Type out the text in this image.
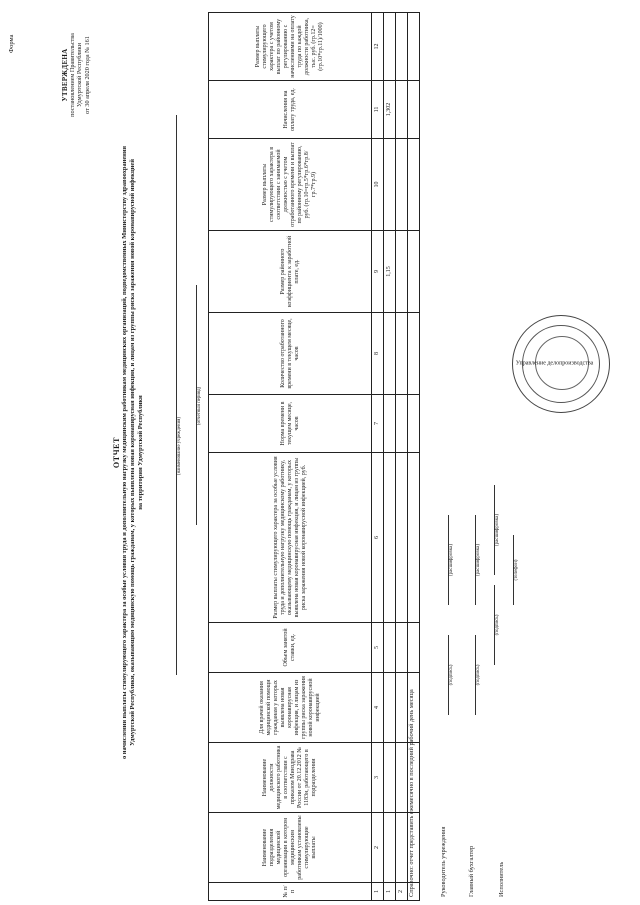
Форма
УТВЕРЖДЕНА постановлением Правительства Удмуртской Республики от 30 апреля 2020 года № 161
ОТЧЕТ о начислении выплаты стимулирующего характера за особые условия труда и дополнительную нагрузку медицинским работникам медицинских организаций, подведомственных Министерству здравоохранения Удмуртской Республики, оказывающим медицинскую помощь гражданам, у которых выявлена новая коронавирусная инфекция, и лицам из группы риска заражения новой коронавирусной инфекцией на территории Удмуртской Республики	(наименование учреждения)
(отчетный период)
№ п/п	Наименование подразделения медицинской организации в котором медицинским работникам установлены стимулирующие выплаты	Наименование должности медицинского работника в соответствии с приказом Минздрава России от 20.12.2012 № 1183н, работающего в подразделении	Для врачей оказания медицинской помощи гражданам у которых выявлена новая коронавирусная инфекция, и лицам из группы риска заражения новой коронавирусной инфекцией	Объем занятой ставки, ед.	Размер выплаты стимулирующего характера за особые условия труда и дополнительную нагрузку медицинскому работнику, оказывающему медицинскую помощь гражданам, у которых выявлена новая коронавирусная инфекция, и лицам из группы риска заражения новой коронавирусной инфекцией, руб.	Норма времени в текущем месяце, часов	Количество отработанного времени в текущем месяце, часов	Размер районного коэффициента к заработной плате, ед.	Размер выплаты стимулирующего характера в соответствии с занимаемой должностью с учетом отработанного времени и выплат по районному регулированию, руб. (гр.10=гр.5*гр.6*гр.8/гр.7*гр.9)	Начисления на оплату труда, ед.	Размер выплаты стимулирующего характера с учетом выплат по районному регулированию с начислениями на оплату труда по каждой должности работника, тыс. руб. (гр.12= (гр.10*гр.11)/1000)
1	2	3	4	5	6	7	8	9	10	11	12
1								1,15		1,302	
2											
											Справочно: отчет представить ежемесячно в последний рабочий день месяца	Руководитель учреждения
(подпись)
(расшифровка)
Главный бухгалтер
(подпись)
(расшифровка)
Исполнитель
(подпись)
(расшифровка)
(телефон)
Управление делопроизводства
